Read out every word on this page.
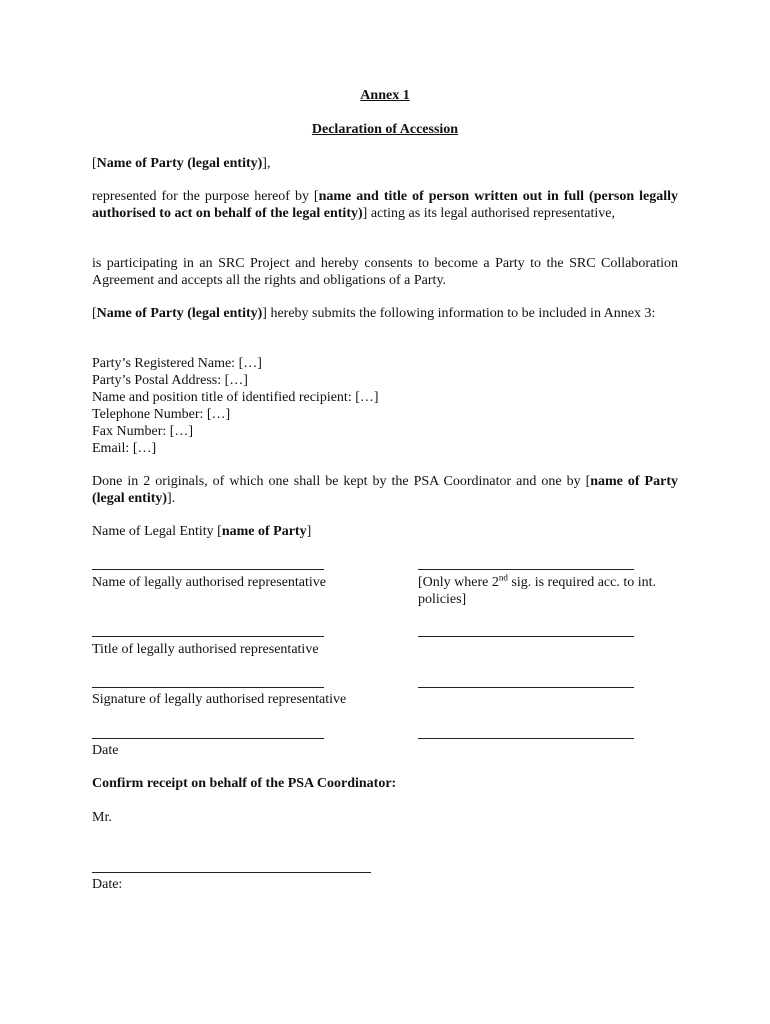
Annex 1
Declaration of Accession
[Name of Party (legal entity)],
represented for the purpose hereof by [name and title of person written out in full (person legally authorised to act on behalf of the legal entity)] acting as its legal authorised representative,
is participating in an SRC Project and hereby consents to become a Party to the SRC Collaboration Agreement and accepts all the rights and obligations of a Party.
[Name of Party (legal entity)] hereby submits the following information to be included in Annex 3:
Party’s Registered Name: […]
Party’s Postal Address: […]
Name and position title of identified recipient: […]
Telephone Number: […]
Fax Number: […]
Email: […]
Done in 2 originals, of which one shall be kept by the PSA Coordinator and one by [name of Party (legal entity)].
Name of Legal Entity [name of Party]
Name of legally authorised representative	[Only where 2nd sig. is required acc. to int. policies]
Title of legally authorised representative
Signature of legally authorised representative
Date
Confirm receipt on behalf of the PSA Coordinator:
Mr.
Date:
